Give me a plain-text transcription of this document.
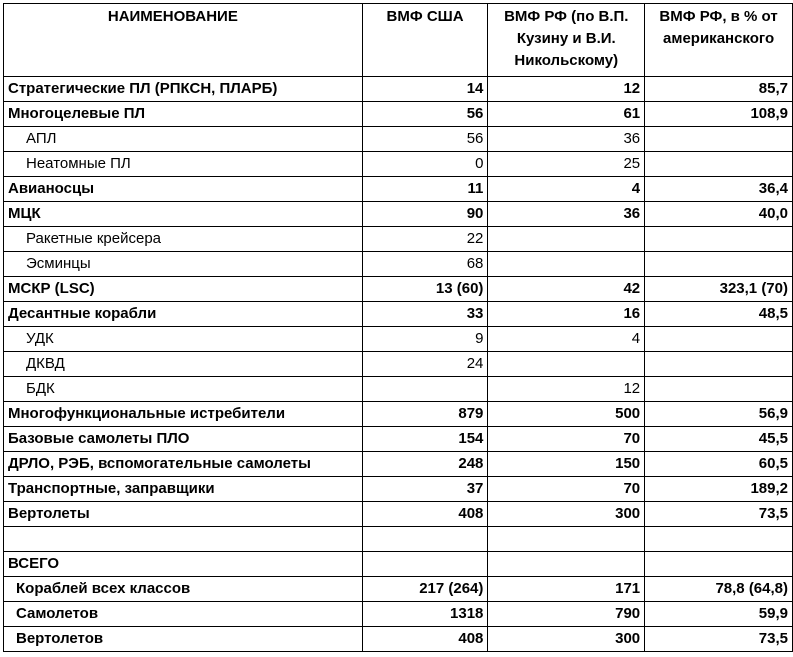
НАИМЕНОВАНИЕ	ВМФ США	ВМФ РФ (по В.П. Кузину и В.И. Никольскому)	ВМФ РФ, в % от американского
Стратегические ПЛ (РПКСН, ПЛАРБ)	14	12	85,7
Многоцелевые ПЛ	56	61	108,9
АПЛ	56	36	
Неатомные ПЛ	0	25	
Авианосцы	11	4	36,4
МЦК	90	36	40,0
Ракетные крейсера	22		
Эсминцы	68		
МСКР (LSC)	13 (60)	42	323,1 (70)
Десантные корабли	33	16	48,5
УДК	9	4	
ДКВД	24		
БДК		12	
Многофункциональные истребители	879	500	56,9
Базовые самолеты ПЛО	154	70	45,5
ДРЛО, РЭБ, вспомогательные самолеты	248	150	60,5
Транспортные, заправщики	37	70	189,2
Вертолеты	408	300	73,5

ВСЕГО			
Кораблей всех классов	217 (264)	171	78,8 (64,8)
Самолетов	1318	790	59,9
Вертолетов	408	300	73,5
